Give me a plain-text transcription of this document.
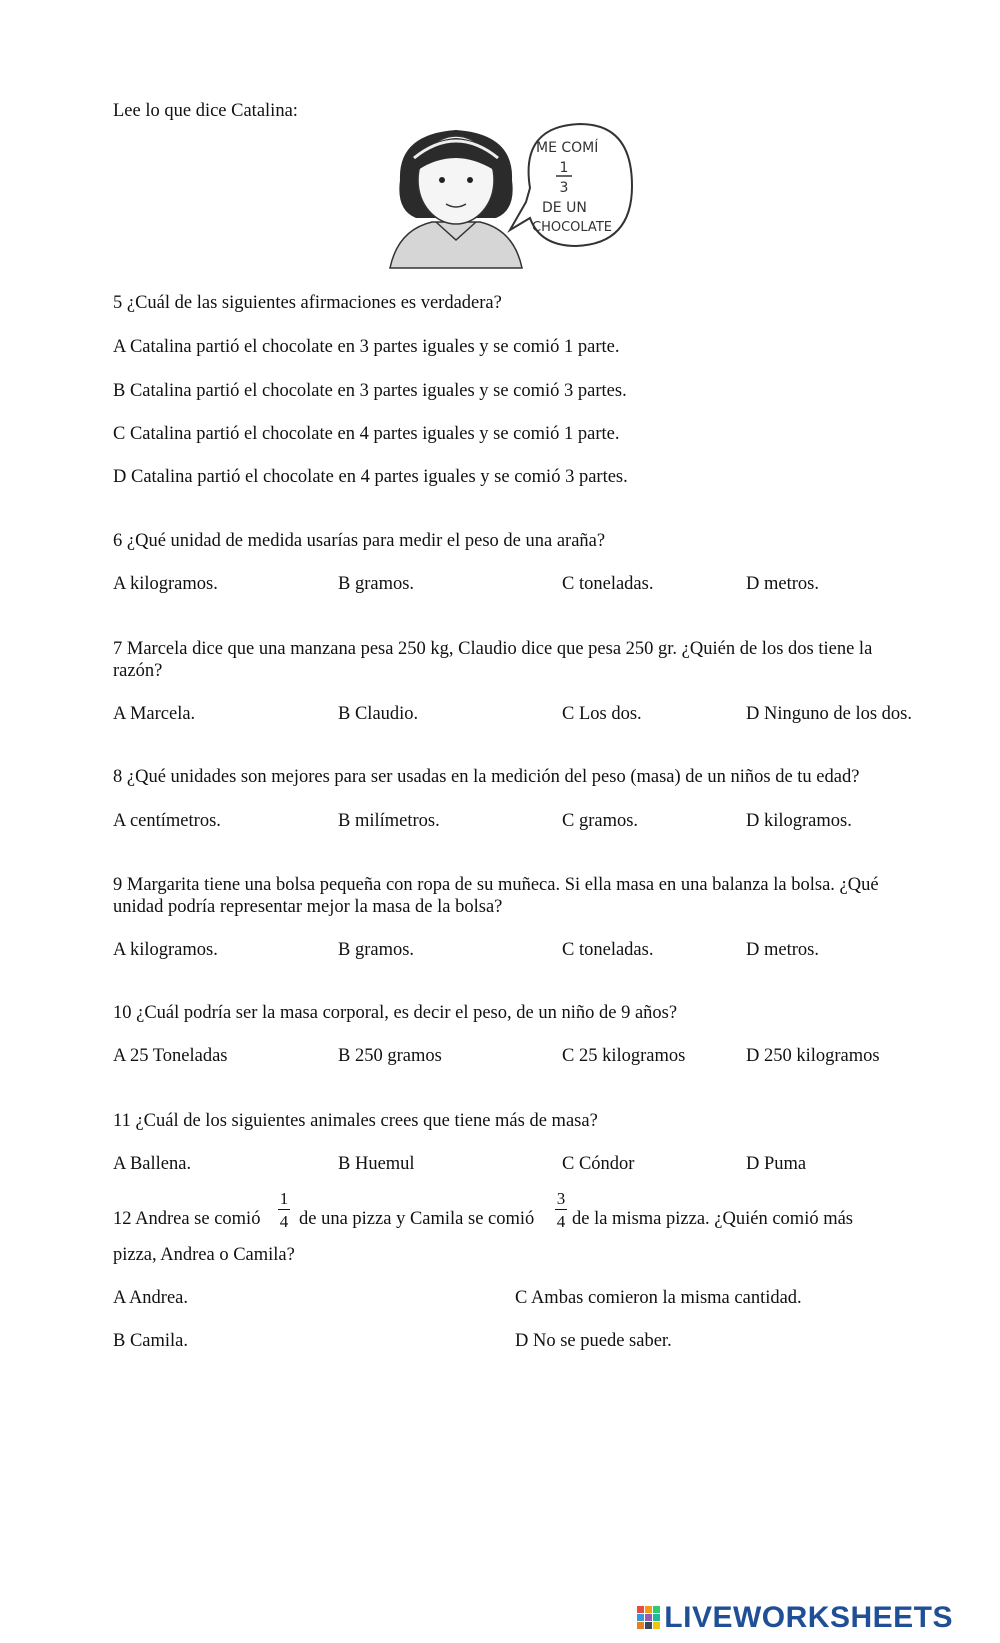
Lee lo que dice Catalina:
ME COMÍ
1
3
DE UN
CHOCOLATE
5 ¿Cuál de las siguientes afirmaciones es verdadera?
A Catalina partió el chocolate en 3 partes iguales y se comió 1 parte.
B Catalina partió el chocolate en 3 partes iguales y se comió 3 partes.
C Catalina partió el chocolate en 4 partes iguales y se comió 1 parte.
D Catalina partió el chocolate en 4 partes iguales y se comió 3 partes.
6 ¿Qué unidad de medida usarías para medir el peso de una araña?
A kilogramos.	B gramos.	C toneladas.	D metros.
7 Marcela dice que una manzana pesa 250 kg, Claudio dice que pesa 250 gr. ¿Quién de los dos tiene la razón?
A Marcela.	B Claudio.	C Los dos.	D Ninguno de los dos.
8 ¿Qué unidades son mejores para ser usadas en la medición del peso (masa) de un niños de tu edad?
A centímetros.	B milímetros.	C gramos.	D kilogramos.
9 Margarita tiene una bolsa pequeña con ropa de su muñeca. Si ella masa en una balanza la bolsa. ¿Qué unidad podría representar mejor la masa de la bolsa?
A kilogramos.	B gramos.	C toneladas.	D metros.
10 ¿Cuál podría ser la masa corporal, es decir el peso, de un niño de 9 años?
A 25 Toneladas	B 250 gramos	C 25 kilogramos	D 250 kilogramos
11 ¿Cuál de los siguientes animales crees que tiene más de masa?
A Ballena.	B Huemul	C Cóndor	D Puma
12 Andrea se comió
1
4 de una pizza y Camila se comió
3
4 de la misma pizza. ¿Quién comió más
pizza, Andrea o Camila?
A Andrea.	C Ambas comieron la misma cantidad.
B Camila.	D No se puede saber.
LIVEWORKSHEETS
